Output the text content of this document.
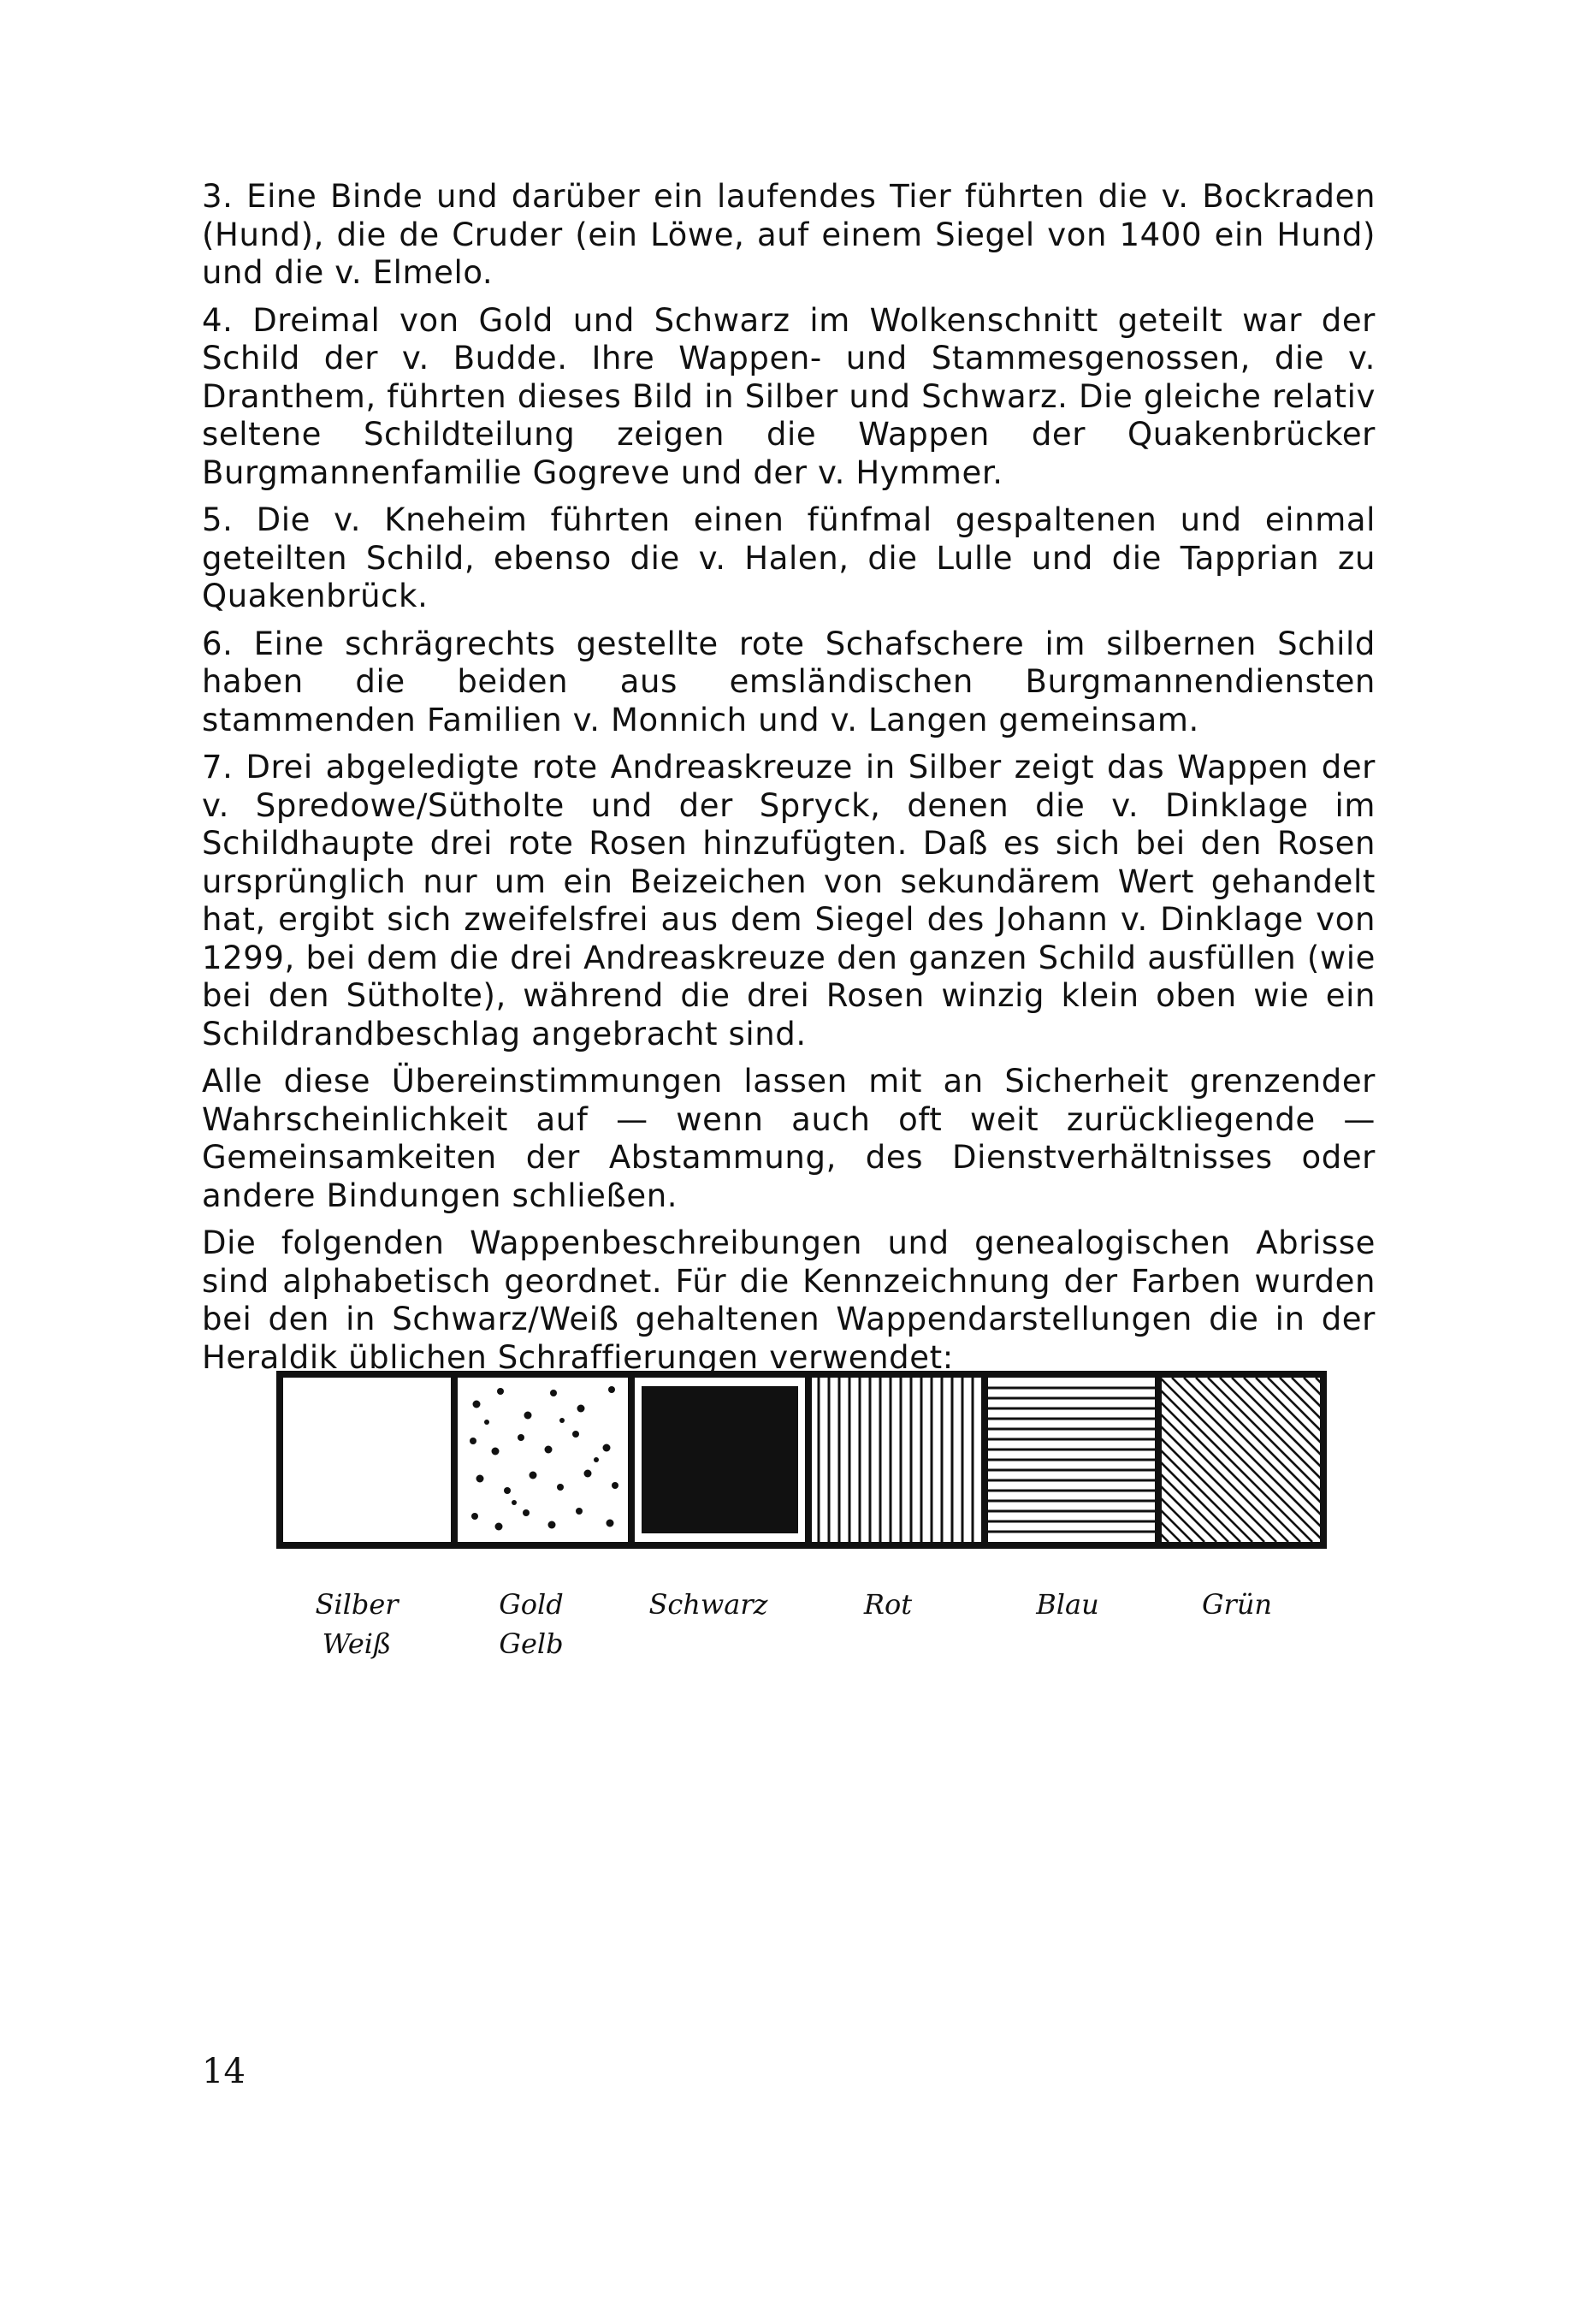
3. Eine Binde und darüber ein laufendes Tier führten die v. Bockraden (Hund), die de Cruder (ein Löwe, auf einem Siegel von 1400 ein Hund) und die v. Elmelo.

4. Dreimal von Gold und Schwarz im Wolkenschnitt geteilt war der Schild der v. Budde. Ihre Wappen- und Stammesgenossen, die v. Dranthem, führten dieses Bild in Silber und Schwarz. Die gleiche relativ seltene Schildteilung zeigen die Wappen der Quakenbrücker Burgmannenfamilie Gogreve und der v. Hymmer.

5. Die v. Kneheim führten einen fünfmal gespaltenen und einmal geteilten Schild, ebenso die v. Halen, die Lulle und die Tapprian zu Quakenbrück.

6. Eine schrägrechts gestellte rote Schafschere im silbernen Schild haben die beiden aus emsländischen Burgmannendiensten stammenden Familien v. Monnich und v. Langen gemeinsam.

7. Drei abgeledigte rote Andreaskreuze in Silber zeigt das Wappen der v. Spredowe/Sütholte und der Spryck, denen die v. Dinklage im Schildhaupte drei rote Rosen hinzufügten. Daß es sich bei den Rosen ursprünglich nur um ein Beizeichen von sekundärem Wert gehandelt hat, ergibt sich zweifelsfrei aus dem Siegel des Johann v. Dinklage von 1299, bei dem die drei Andreaskreuze den ganzen Schild ausfüllen (wie bei den Sütholte), während die drei Rosen winzig klein oben wie ein Schildrandbeschlag angebracht sind.

Alle diese Übereinstimmungen lassen mit an Sicherheit grenzender Wahrscheinlichkeit auf — wenn auch oft weit zurückliegende — Gemeinsamkeiten der Abstammung, des Dienstverhältnisses oder andere Bindungen schließen.

Die folgenden Wappenbeschreibungen und genealogischen Abrisse sind alphabetisch geordnet. Für die Kennzeichnung der Farben wurden bei den in Schwarz/Weiß gehaltenen Wappendarstellungen die in der Heraldik üblichen Schraffierungen verwendet:

Silber
Weiß
Gold
Gelb
Schwarz	Rot	Blau	Grün
14
